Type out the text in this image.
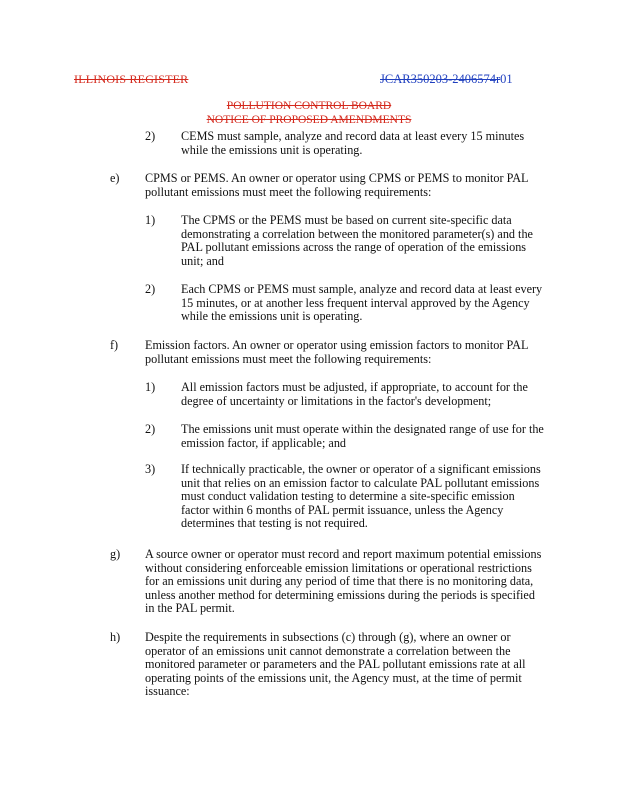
ILLINOIS REGISTER	JCAR350203-2406574r01
POLLUTION CONTROL BOARD
NOTICE OF PROPOSED AMENDMENTS
2) CEMS must sample, analyze and record data at least every 15 minutes
while the emissions unit is operating.
e) CPMS or PEMS. An owner or operator using CPMS or PEMS to monitor PAL
pollutant emissions must meet the following requirements:
1) The CPMS or the PEMS must be based on current site-specific data
demonstrating a correlation between the monitored parameter(s) and the
PAL pollutant emissions across the range of operation of the emissions
unit; and
2) Each CPMS or PEMS must sample, analyze and record data at least every
15 minutes, or at another less frequent interval approved by the Agency
while the emissions unit is operating.
f) Emission factors. An owner or operator using emission factors to monitor PAL
pollutant emissions must meet the following requirements:
1) All emission factors must be adjusted, if appropriate, to account for the
degree of uncertainty or limitations in the factor's development;
2) The emissions unit must operate within the designated range of use for the
emission factor, if applicable; and
3) If technically practicable, the owner or operator of a significant emissions
unit that relies on an emission factor to calculate PAL pollutant emissions
must conduct validation testing to determine a site-specific emission
factor within 6 months of PAL permit issuance, unless the Agency
determines that testing is not required.
g) A source owner or operator must record and report maximum potential emissions
without considering enforceable emission limitations or operational restrictions
for an emissions unit during any period of time that there is no monitoring data,
unless another method for determining emissions during the periods is specified
in the PAL permit.
h) Despite the requirements in subsections (c) through (g), where an owner or
operator of an emissions unit cannot demonstrate a correlation between the
monitored parameter or parameters and the PAL pollutant emissions rate at all
operating points of the emissions unit, the Agency must, at the time of permit
issuance:
